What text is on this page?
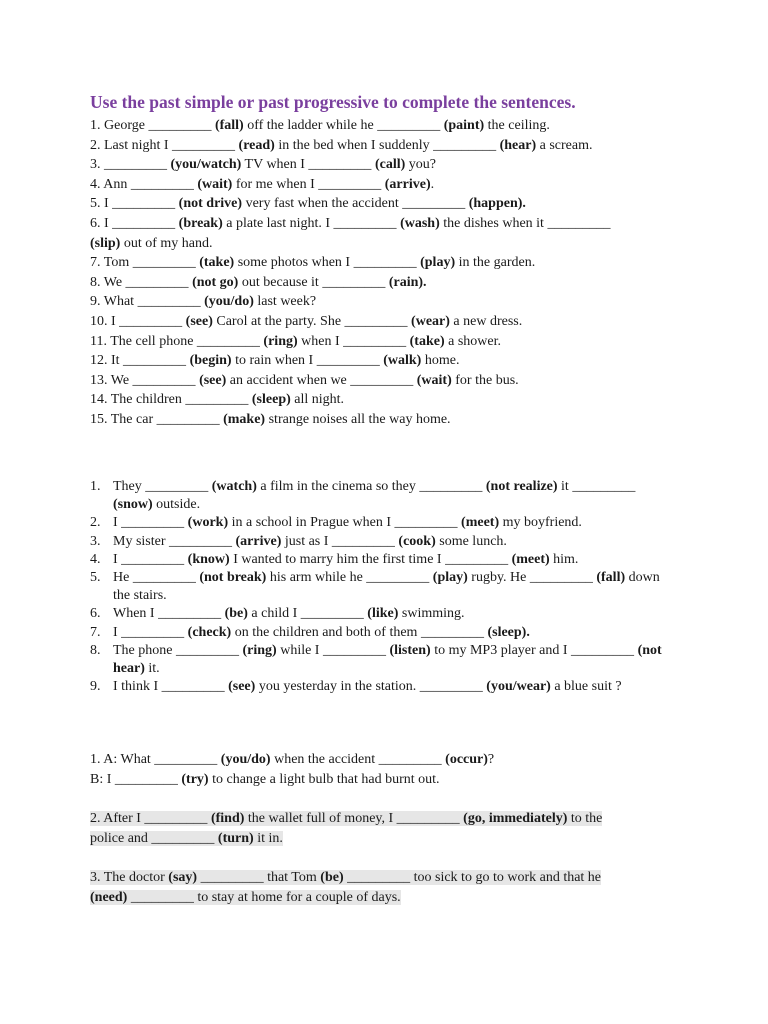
Use the past simple or past progressive to complete the sentences.
1. George _________ (fall) off the ladder while he _________ (paint) the ceiling.
2. Last night I _________ (read) in the bed when I suddenly _________ (hear) a scream.
3. _________ (you/watch) TV when I _________ (call) you?
4. Ann _________ (wait) for me when I _________ (arrive).
5. I _________ (not drive) very fast when the accident _________ (happen).
6. I _________ (break) a plate last night. I _________ (wash) the dishes when it _________
(slip) out of my hand.
7. Tom _________ (take) some photos when I _________ (play) in the garden.
8. We _________ (not go) out because it _________ (rain).
9. What _________ (you/do) last week?
10. I _________ (see) Carol at the party. She _________ (wear) a new dress.
11. The cell phone _________ (ring) when I _________ (take) a shower.
12. It _________ (begin) to rain when I _________ (walk) home.
13. We _________ (see) an accident when we _________ (wait) for the bus.
14. The children _________ (sleep) all night.
15. The car _________ (make) strange noises all the way home.
1. They _________ (watch) a film in the cinema so they _________ (not realize) it _________ (snow) outside.
2. I _________ (work) in a school in Prague when I _________ (meet) my boyfriend.
3. My sister _________ (arrive) just as I _________ (cook) some lunch.
4. I _________ (know) I wanted to marry him the first time I _________ (meet) him.
5. He _________ (not break) his arm while he _________ (play) rugby. He _________ (fall) down the stairs.
6. When I _________ (be) a child I _________ (like) swimming.
7. I _________ (check) on the children and both of them _________ (sleep).
8. The phone _________ (ring) while I _________ (listen) to my MP3 player and I _________ (not hear) it.
9. I think I _________ (see) you yesterday in the station. _________ (you/wear) a blue suit ?
1. A: What _________ (you/do) when the accident _________ (occur)?
B: I _________ (try) to change a light bulb that had burnt out.
2. After I _________ (find) the wallet full of money, I _________ (go, immediately) to the
police and _________ (turn) it in.
3. The doctor (say) _________ that Tom (be) _________ too sick to go to work and that he
(need) _________ to stay at home for a couple of days.
